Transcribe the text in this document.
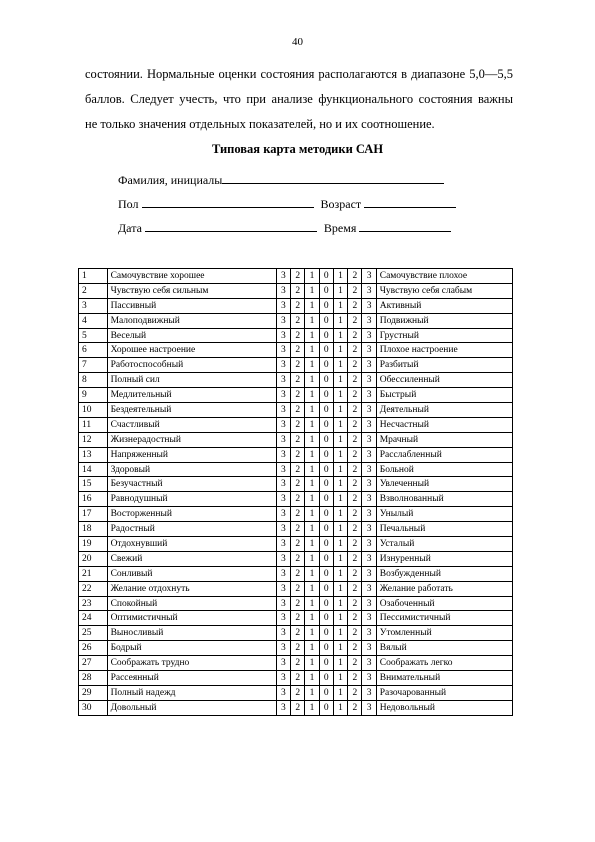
40
состоянии. Нормальные оценки состояния располагаются в диапазоне 5,0—5,5
баллов. Следует учесть, что при анализе функционального состояния важны
не только значения отдельных показателей, но и их соотношение.
Типовая карта методики САН
Фамилия, инициалы
Пол	Возраст
Дата	Время
1	Самочувствие хорошее	3	2	1	0	1	2	3	Самочувствие плохое
2	Чувствую себя сильным	3	2	1	0	1	2	3	Чувствую себя слабым
3	Пассивный	3	2	1	0	1	2	3	Активный
4	Малоподвижный	3	2	1	0	1	2	3	Подвижный
5	Веселый	3	2	1	0	1	2	3	Грустный
6	Хорошее настроение	3	2	1	0	1	2	3	Плохое настроение
7	Работоспособный	3	2	1	0	1	2	3	Разбитый
8	Полный сил	3	2	1	0	1	2	3	Обессиленный
9	Медлительный	3	2	1	0	1	2	3	Быстрый
10	Бездеятельный	3	2	1	0	1	2	3	Деятельный
11	Счастливый	3	2	1	0	1	2	3	Несчастный
12	Жизнерадостный	3	2	1	0	1	2	3	Мрачный
13	Напряженный	3	2	1	0	1	2	3	Расслабленный
14	Здоровый	3	2	1	0	1	2	3	Больной
15	Безучастный	3	2	1	0	1	2	3	Увлеченный
16	Равнодушный	3	2	1	0	1	2	3	Взволнованный
17	Восторженный	3	2	1	0	1	2	3	Унылый
18	Радостный	3	2	1	0	1	2	3	Печальный
19	Отдохнувший	3	2	1	0	1	2	3	Усталый
20	Свежий	3	2	1	0	1	2	3	Изнуренный
21	Сонливый	3	2	1	0	1	2	3	Возбужденный
22	Желание отдохнуть	3	2	1	0	1	2	3	Желание работать
23	Спокойный	3	2	1	0	1	2	3	Озабоченный
24	Оптимистичный	3	2	1	0	1	2	3	Пессимистичный
25	Выносливый	3	2	1	0	1	2	3	Утомленный
26	Бодрый	3	2	1	0	1	2	3	Вялый
27	Соображать трудно	3	2	1	0	1	2	3	Соображать легко
28	Рассеянный	3	2	1	0	1	2	3	Внимательный
29	Полный надежд	3	2	1	0	1	2	3	Разочарованный
30	Довольный	3	2	1	0	1	2	3	Недовольный
